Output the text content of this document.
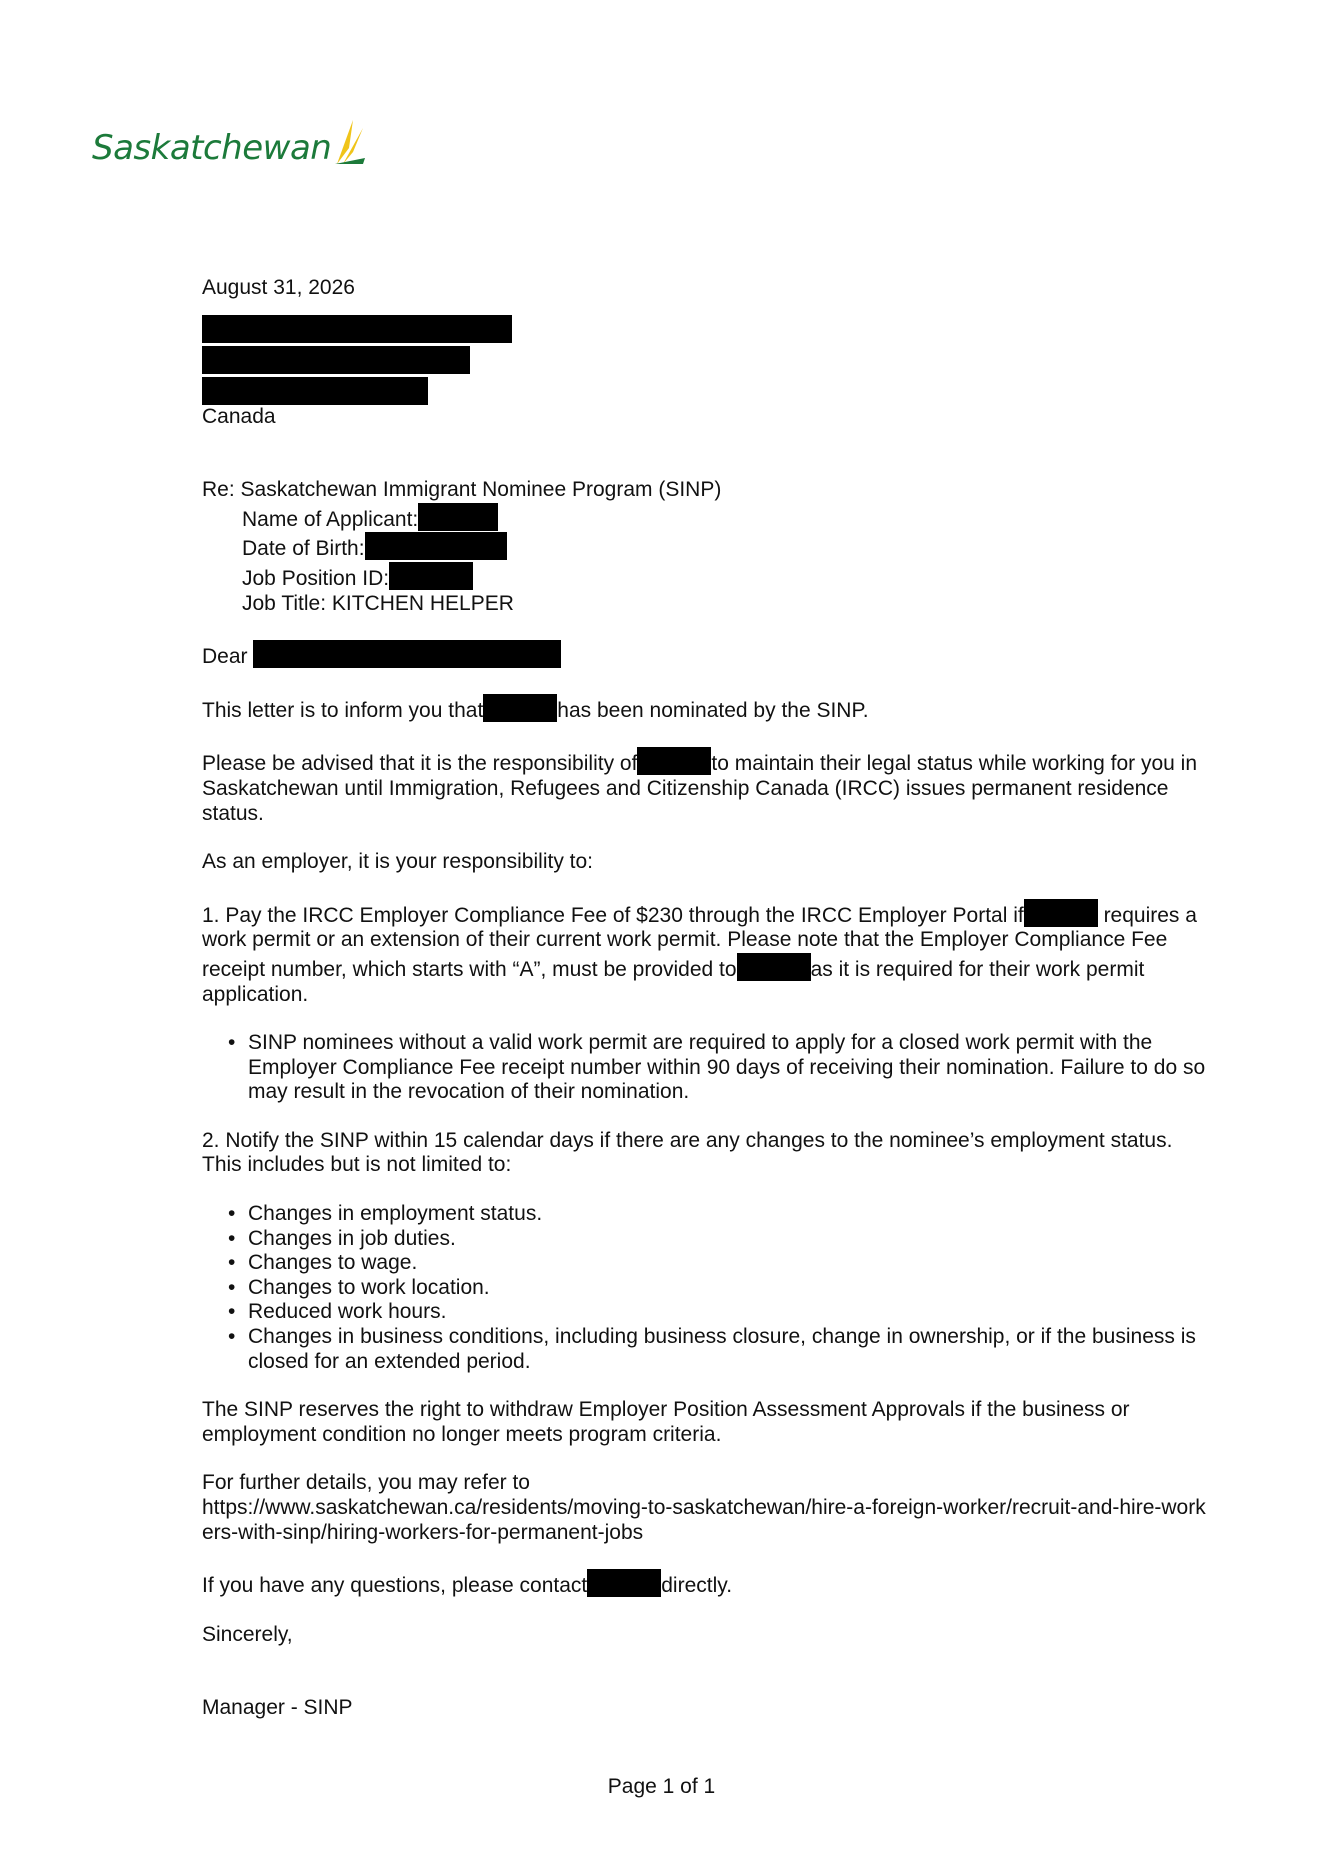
Saskatchewan

August 31, 2026

Canada

Re: Saskatchewan Immigrant Nominee Program (SINP)

Name of Applicant:

Date of Birth:

Job Position ID:

Job Title: KITCHEN HELPER

Dear

This letter is to inform you that	has been nominated by the SINP.

Please be advised that it is the responsibility of	to maintain their legal status while working for you in Saskatchewan until Immigration, Refugees and Citizenship Canada (IRCC) issues permanent residence status.

As an employer, it is your responsibility to:

1. Pay the IRCC Employer Compliance Fee of $230 through the IRCC Employer Portal if	requires a work permit or an extension of their current work permit. Please note that the Employer Compliance Fee receipt number, which starts with “A”, must be provided to	as it is required for their work permit application.

• SINP nominees without a valid work permit are required to apply for a closed work permit with the Employer Compliance Fee receipt number within 90 days of receiving their nomination. Failure to do so may result in the revocation of their nomination.

2. Notify the SINP within 15 calendar days if there are any changes to the nominee’s employment status. This includes but is not limited to:

• Changes in employment status.
• Changes in job duties.
• Changes to wage.
• Changes to work location.
• Reduced work hours.
• Changes in business conditions, including business closure, change in ownership, or if the business is closed for an extended period.

The SINP reserves the right to withdraw Employer Position Assessment Approvals if the business or employment condition no longer meets program criteria.

For further details, you may refer to

https://www.saskatchewan.ca/residents/moving-to-saskatchewan/hire-a-foreign-worker/recruit-and-hire-workers-with-sinp/hiring-workers-for-permanent-jobs

If you have any questions, please contact	directly.

Sincerely,

Manager - SINP

Page 1 of 1
